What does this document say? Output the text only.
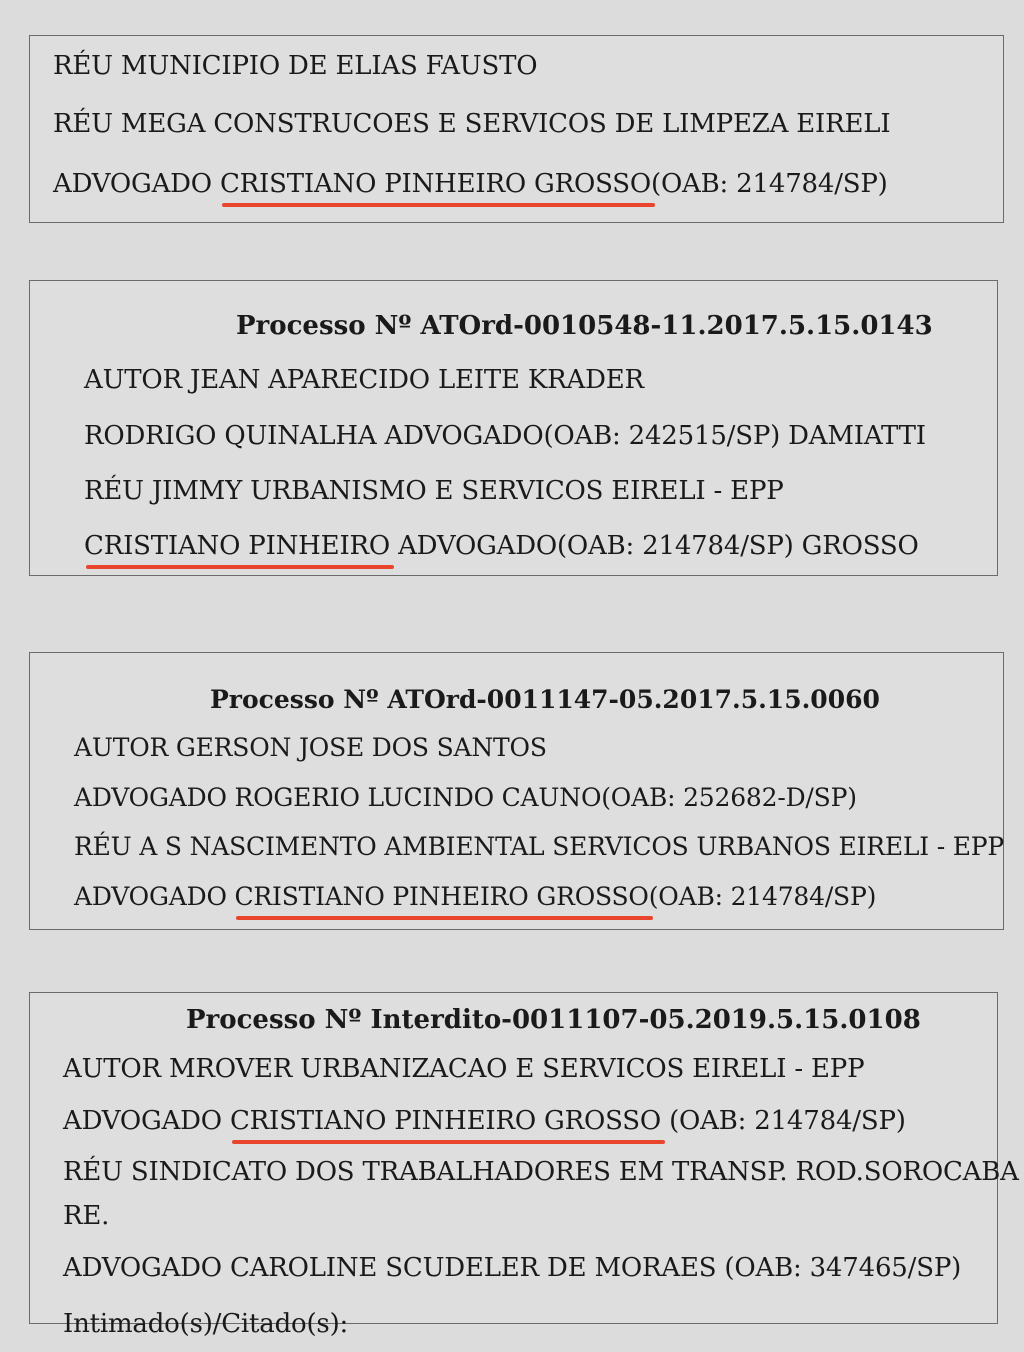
RÉU MUNICIPIO DE ELIAS FAUSTO
RÉU MEGA CONSTRUCOES E SERVICOS DE LIMPEZA EIRELI
ADVOGADO CRISTIANO PINHEIRO GROSSO(OAB: 214784/SP)
Processo Nº ATOrd-0010548-11.2017.5.15.0143
AUTOR JEAN APARECIDO LEITE KRADER
RODRIGO QUINALHA ADVOGADO(OAB: 242515/SP) DAMIATTI
RÉU JIMMY URBANISMO E SERVICOS EIRELI - EPP
CRISTIANO PINHEIRO ADVOGADO(OAB: 214784/SP) GROSSO
Processo Nº ATOrd-0011147-05.2017.5.15.0060
AUTOR GERSON JOSE DOS SANTOS
ADVOGADO ROGERIO LUCINDO CAUNO(OAB: 252682-D/SP)
RÉU A S NASCIMENTO AMBIENTAL SERVICOS URBANOS EIRELI - EPP
ADVOGADO CRISTIANO PINHEIRO GROSSO(OAB: 214784/SP)
Processo Nº Interdito-0011107-05.2019.5.15.0108
AUTOR MROVER URBANIZACAO E SERVICOS EIRELI - EPP
ADVOGADO CRISTIANO PINHEIRO GROSSO (OAB: 214784/SP)
RÉU SINDICATO DOS TRABALHADORES EM TRANSP. ROD.SOROCABA
RE.
ADVOGADO CAROLINE SCUDELER DE MORAES (OAB: 347465/SP)
Intimado(s)/Citado(s):
